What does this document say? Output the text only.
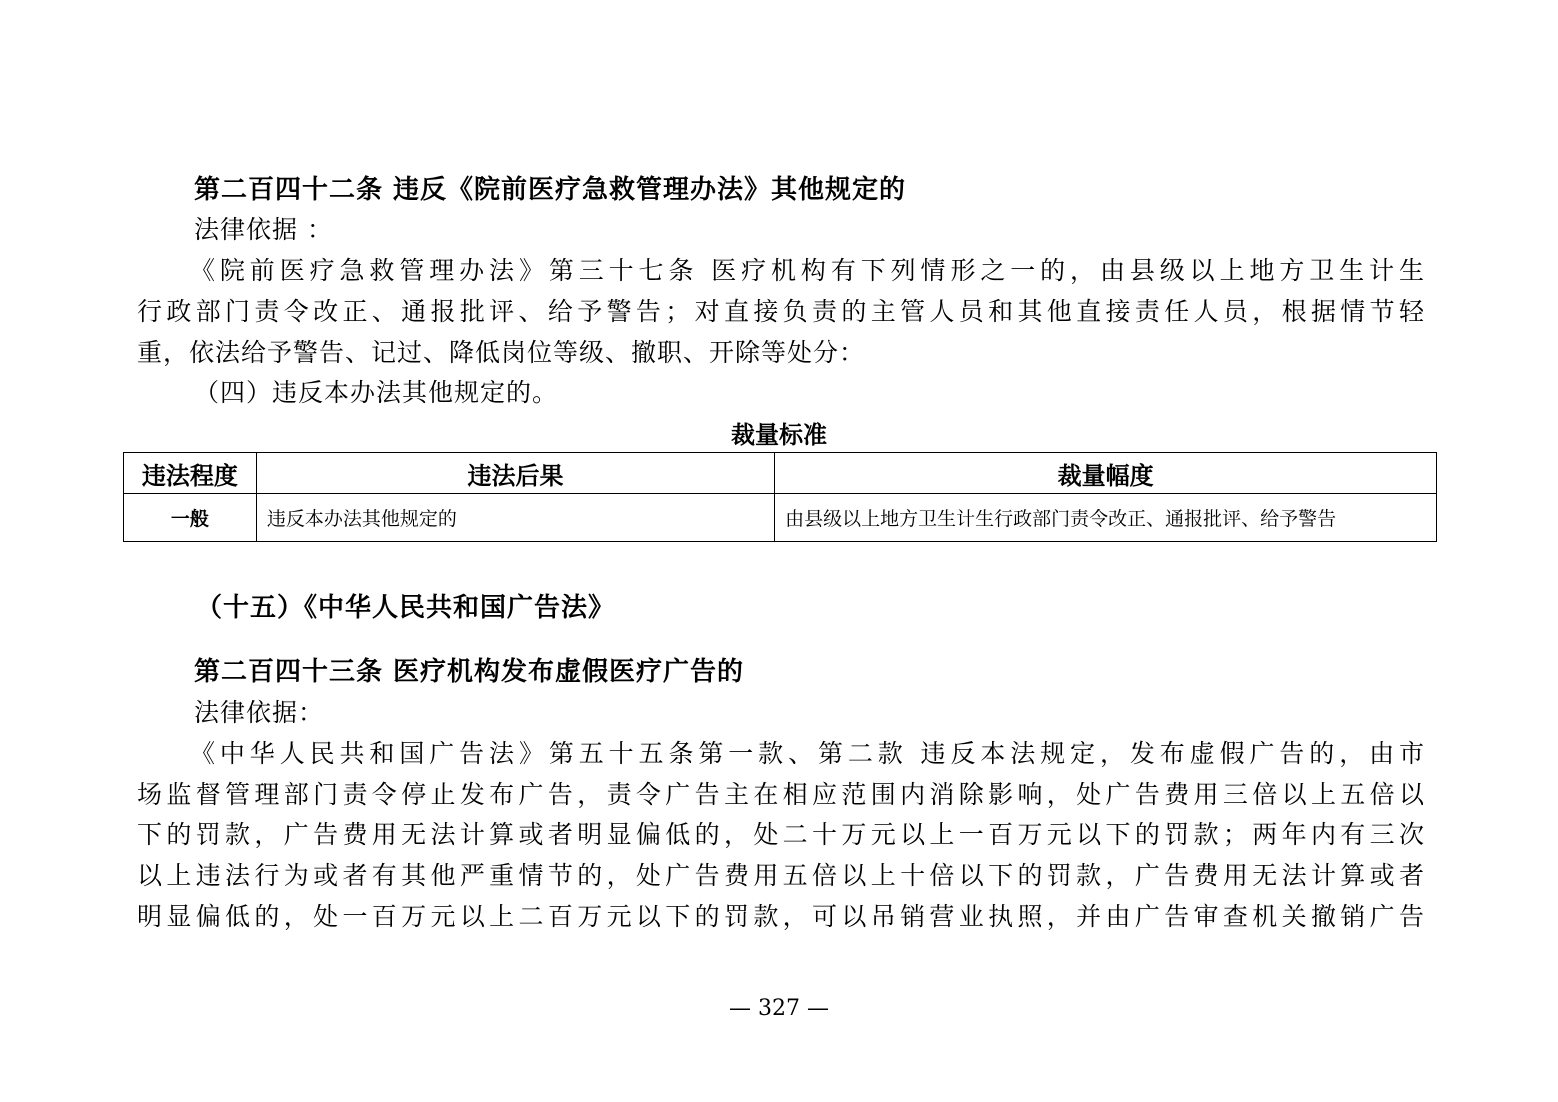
第二百四十二条 违反《院前医疗急救管理办法》其他规定的
法律依据 ：
《院前医疗急救管理办法》第三十七条 医疗机构有下列情形之一的，由县级以上地方卫生计生
行政部门责令改正、通报批评、给予警告；对直接负责的主管人员和其他直接责任人员，根据情节轻
重，依法给予警告、记过、降低岗位等级、撤职、开除等处分：
（四）违反本办法其他规定的。
裁量标准
违法程度	违法后果	裁量幅度
一般	违反本办法其他规定的	由县级以上地方卫生计生行政部门责令改正、通报批评、给予警告
（十五）《中华人民共和国广告法》
第二百四十三条 医疗机构发布虚假医疗广告的
法律依据：
《中华人民共和国广告法》第五十五条第一款、第二款 违反本法规定，发布虚假广告的，由市
场监督管理部门责令停止发布广告，责令广告主在相应范围内消除影响，处广告费用三倍以上五倍以
下的罚款，广告费用无法计算或者明显偏低的，处二十万元以上一百万元以下的罚款；两年内有三次
以上违法行为或者有其他严重情节的，处广告费用五倍以上十倍以下的罚款，广告费用无法计算或者
明显偏低的，处一百万元以上二百万元以下的罚款，可以吊销营业执照，并由广告审查机关撤销广告
— 327 —
